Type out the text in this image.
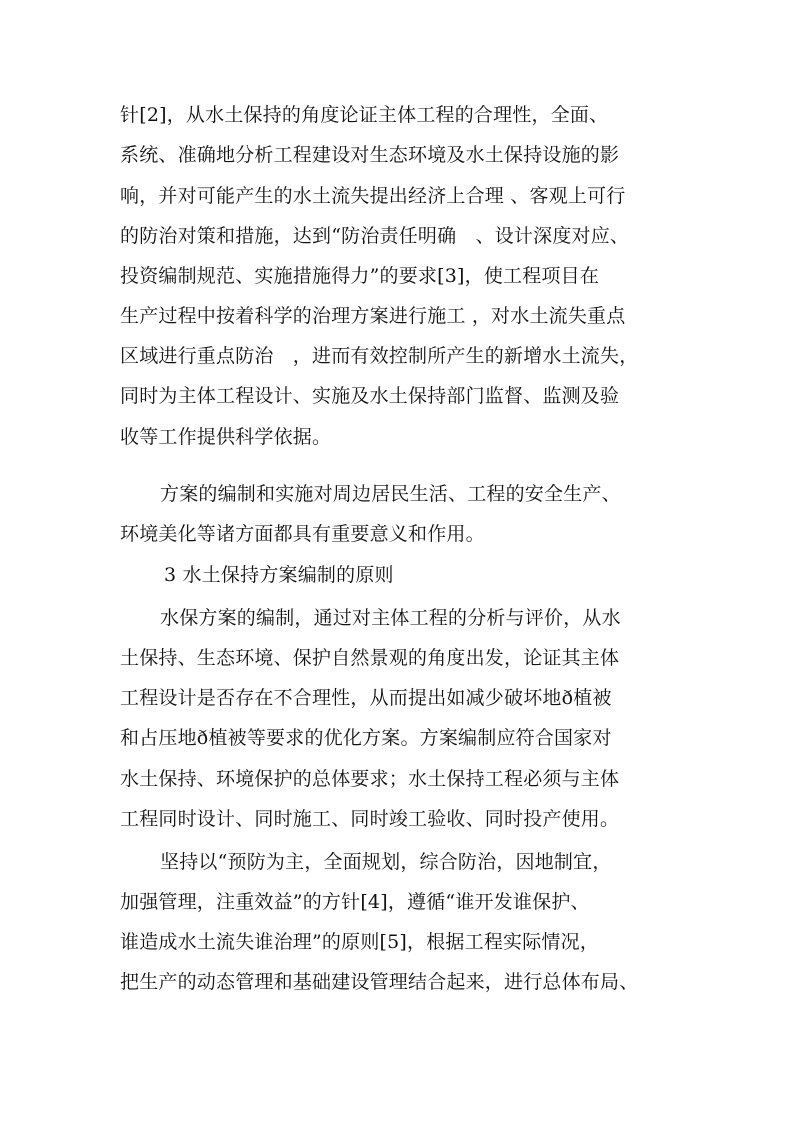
针[2]，从水土保持的角度论证主体工程的合理性，全面、
系统、准确地分析工程建设对生态环境及水土保持设施的影
响，并对可能产生的水土流失提出经济上合理 、客观上可行
的防治对策和措施，达到“防治责任明确　、设计深度对应、
投资编制规范、实施措施得力”的要求[3]，使工程项目在
生产过程中按着科学的治理方案进行施工 ，对水土流失重点
区域进行重点防治　，进而有效控制所产生的新增水土流失，
同时为主体工程设计、实施及水土保持部门监督、监测及验
收等工作提供科学依据。
方案的编制和实施对周边居民生活、工程的安全生产、
环境美化等诸方面都具有重要意义和作用。
3 水土保持方案编制的原则
水保方案的编制，通过对主体工程的分析与评价，从水
土保持、生态环境、保护自然景观的角度出发，论证其主体
工程设计是否存在不合理性，从而提出如减少破坏地ð植被
和占压地ð植被等要求的优化方案。方案编制应符合国家对
水土保持、环境保护的总体要求；水土保持工程必须与主体
工程同时设计、同时施工、同时竣工验收、同时投产使用。
坚持以“预防为主，全面规划，综合防治，因地制宜，
加强管理，注重效益”的方针[4]，遵循“谁开发谁保护、
谁造成水土流失谁治理”的原则[5]，根据工程实际情况，
把生产的动态管理和基础建设管理结合起来，进行总体布局、
